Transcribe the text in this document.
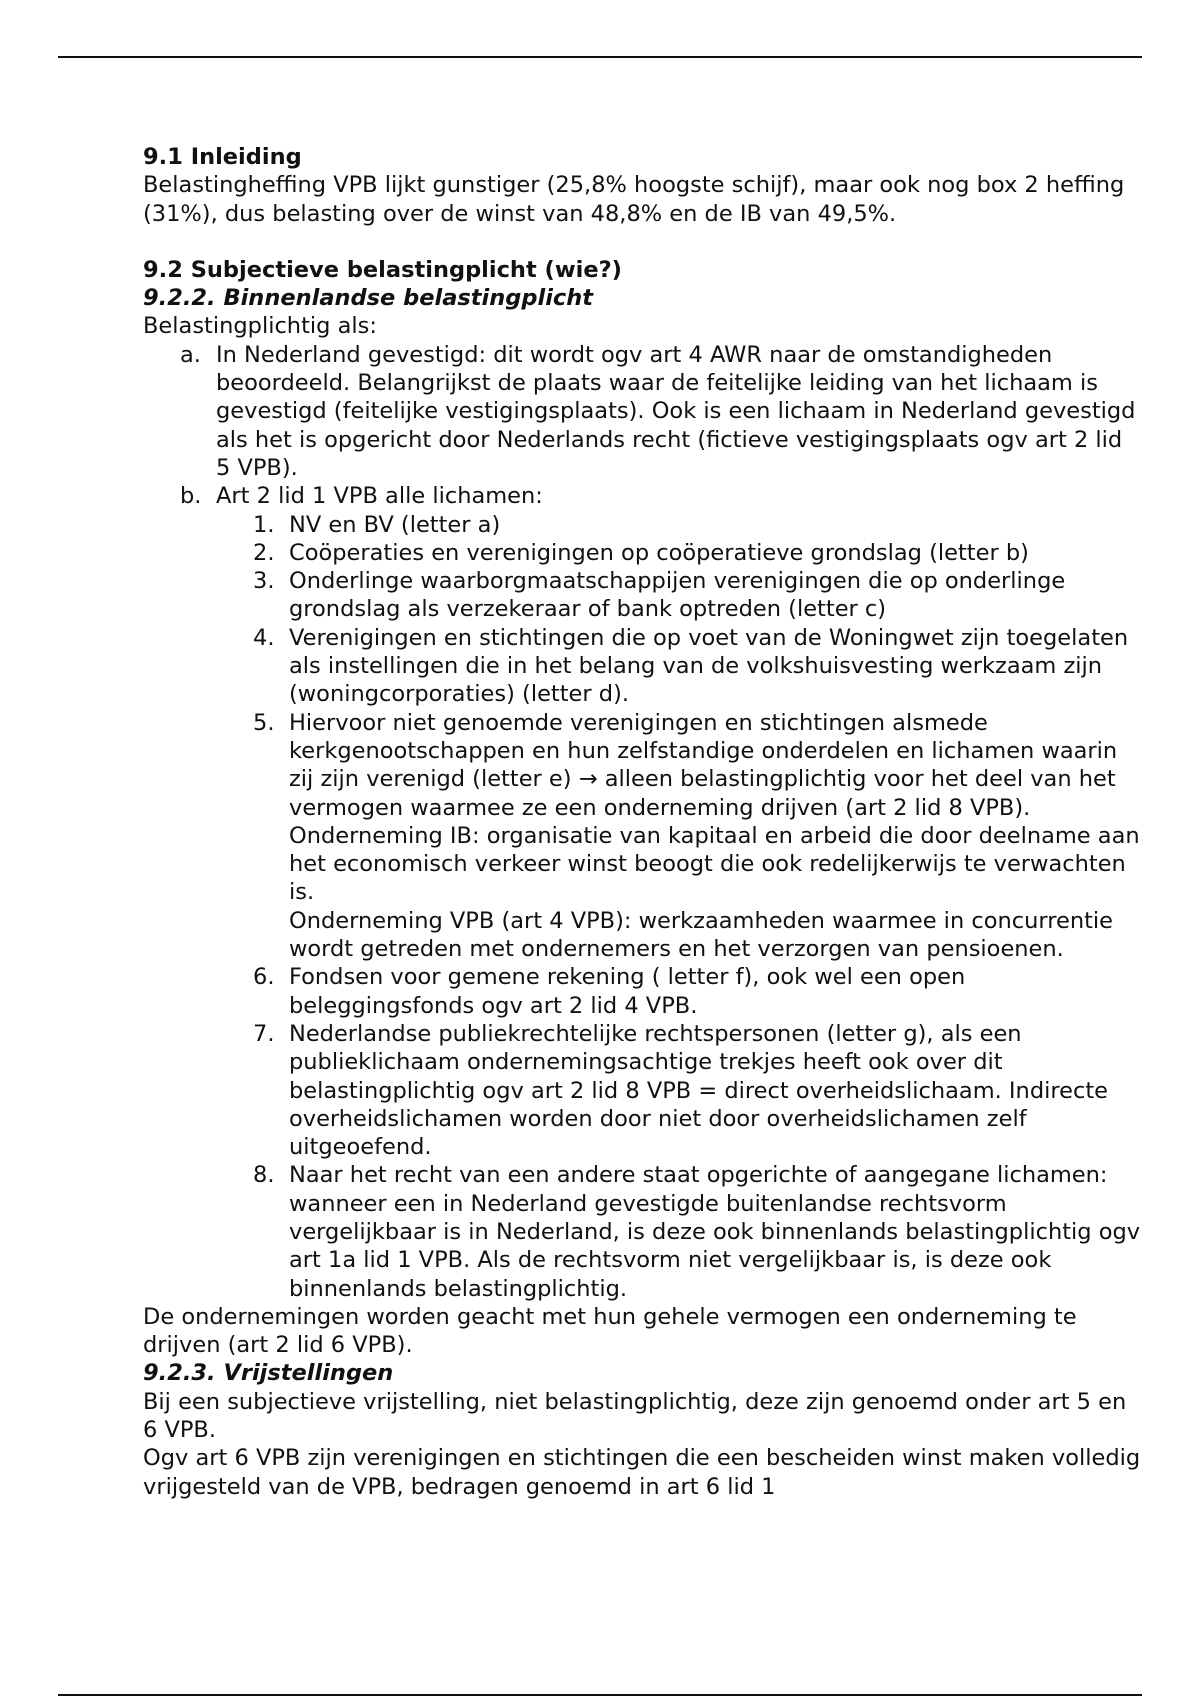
9.1 Inleiding
Belastingheffing VPB lijkt gunstiger (25,8% hoogste schijf), maar ook nog box 2 heffing (31%), dus belasting over de winst van 48,8% en de IB van 49,5%.
9.2 Subjectieve belastingplicht (wie?)
9.2.2. Binnenlandse belastingplicht
Belastingplichtig als:
a. In Nederland gevestigd: dit wordt ogv art 4 AWR naar de omstandigheden beoordeeld. Belangrijkst de plaats waar de feitelijke leiding van het lichaam is gevestigd (feitelijke vestigingsplaats). Ook is een lichaam in Nederland gevestigd als het is opgericht door Nederlands recht (fictieve vestigingsplaats ogv art 2 lid 5 VPB).
b. Art 2 lid 1 VPB alle lichamen:
1. NV en BV (letter a)
2. Coöperaties en verenigingen op coöperatieve grondslag (letter b)
3. Onderlinge waarborgmaatschappijen verenigingen die op onderlinge grondslag als verzekeraar of bank optreden (letter c)
4. Verenigingen en stichtingen die op voet van de Woningwet zijn toegelaten als instellingen die in het belang van de volkshuisvesting werkzaam zijn (woningcorporaties) (letter d).
5. Hiervoor niet genoemde verenigingen en stichtingen alsmede kerkgenootschappen en hun zelfstandige onderdelen en lichamen waarin zij zijn verenigd (letter e) → alleen belastingplichtig voor het deel van het vermogen waarmee ze een onderneming drijven (art 2 lid 8 VPB). Onderneming IB: organisatie van kapitaal en arbeid die door deelname aan het economisch verkeer winst beoogt die ook redelijkerwijs te verwachten is.
Onderneming VPB (art 4 VPB): werkzaamheden waarmee in concurrentie wordt getreden met ondernemers en het verzorgen van pensioenen.
6. Fondsen voor gemene rekening ( letter f), ook wel een open beleggingsfonds ogv art 2 lid 4 VPB.
7. Nederlandse publiekrechtelijke rechtspersonen (letter g), als een publieklichaam ondernemingsachtige trekjes heeft ook over dit belastingplichtig ogv art 2 lid 8 VPB = direct overheidslichaam. Indirecte overheidslichamen worden door niet door overheidslichamen zelf uitgeoefend.
8. Naar het recht van een andere staat opgerichte of aangegane lichamen: wanneer een in Nederland gevestigde buitenlandse rechtsvorm vergelijkbaar is in Nederland, is deze ook binnenlands belastingplichtig ogv art 1a lid 1 VPB. Als de rechtsvorm niet vergelijkbaar is, is deze ook binnenlands belastingplichtig.
De ondernemingen worden geacht met hun gehele vermogen een onderneming te drijven (art 2 lid 6 VPB).
9.2.3. Vrijstellingen
Bij een subjectieve vrijstelling, niet belastingplichtig, deze zijn genoemd onder art 5 en 6 VPB.
Ogv art 6 VPB zijn verenigingen en stichtingen die een bescheiden winst maken volledig vrijgesteld van de VPB, bedragen genoemd in art 6 lid 1
